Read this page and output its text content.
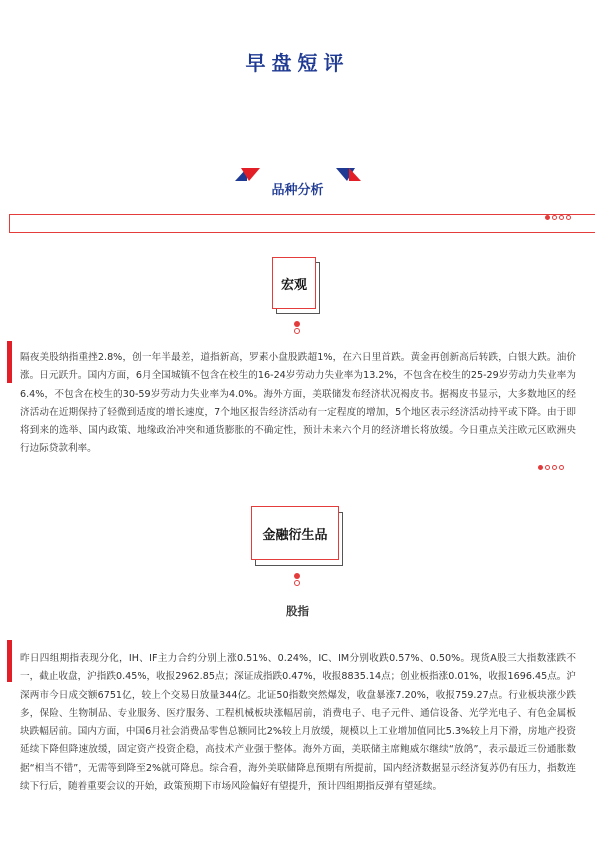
早盘短评
品种分析
宏观
隔夜美股纳指重挫2.8%，创一年半最差，道指新高，罗素小盘股跌超1%，在六日里首跌。黄金再创新高后转跌，白银大跌。油价涨。日元跃升。国内方面，6月全国城镇不包含在校生的16-24岁劳动力失业率为13.2%，不包含在校生的25-29岁劳动力失业率为6.4%，不包含在校生的30-59岁劳动力失业率为4.0%。海外方面，美联储发布经济状况褐皮书。据褐皮书显示，大多数地区的经济活动在近期保持了轻微到适度的增长速度，7个地区报告经济活动有一定程度的增加，5个地区表示经济活动持平或下降。由于即将到来的选举、国内政策、地缘政治冲突和通货膨胀的不确定性，预计未来六个月的经济增长将放缓。今日重点关注欧元区欧洲央行边际贷款利率。
金融衍生品
股指
昨日四组期指表现分化，IH、IF主力合约分别上涨0.51%、0.24%，IC、IM分别收跌0.57%、0.50%。现货A股三大指数涨跌不一，截止收盘，沪指跌0.45%，收报2962.85点；深证成指跌0.47%，收报8835.14点；创业板指涨0.01%，收报1696.45点。沪深两市今日成交额6751亿，较上个交易日放量344亿。北证50指数突然爆发，收盘暴涨7.20%，收报759.27点。行业板块涨少跌多，保险、生物制品、专业服务、医疗服务、工程机械板块涨幅居前，消费电子、电子元件、通信设备、光学光电子、有色金属板块跌幅居前。国内方面，中国6月社会消费品零售总额同比2%较上月放缓，规模以上工业增加值同比5.3%较上月下滑，房地产投资延续下降但降速放缓，固定资产投资企稳，高技术产业强于整体。海外方面，美联储主席鲍威尔继续“放鸽”，表示最近三份通胀数据“相当不错”，无需等到降至2%就可降息。综合看，海外美联储降息预期有所提前，国内经济数据显示经济复苏仍有压力，指数连续下行后，随着重要会议的开始，政策预期下市场风险偏好有望提升，预计四组期指反弹有望延续。
